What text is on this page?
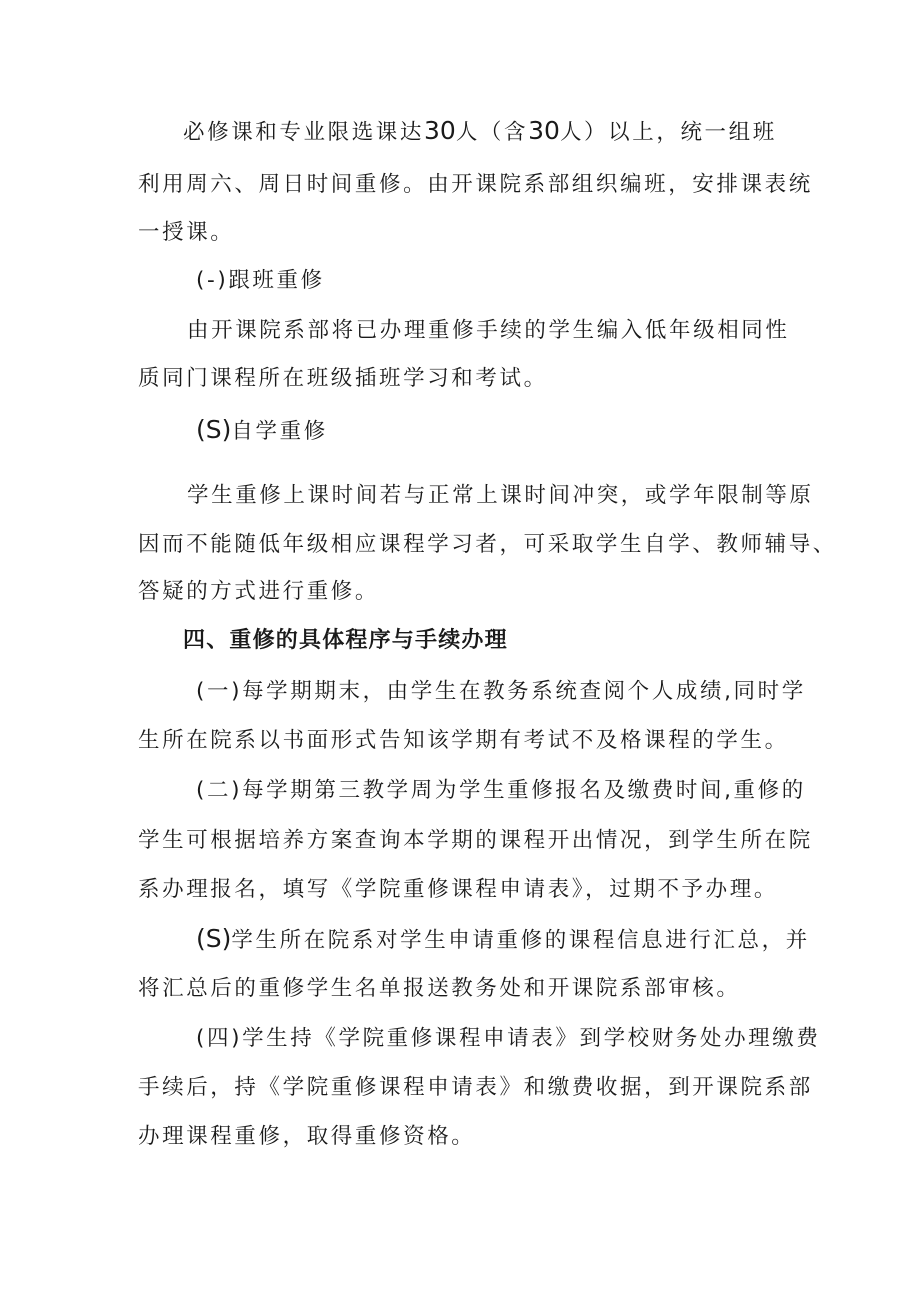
必修课和专业限选课达30人（含30人）以上，统一组班
利用周六、周日时间重修。由开课院系部组织编班，安排课表统
一授课。
(-)跟班重修
由开课院系部将已办理重修手续的学生编入低年级相同性
质同门课程所在班级插班学习和考试。
(S)自学重修
学生重修上课时间若与正常上课时间冲突，或学年限制等原
因而不能随低年级相应课程学习者，可采取学生自学、教师辅导、
答疑的方式进行重修。
四、重修的具体程序与手续办理
(一)每学期期末，由学生在教务系统查阅个人成绩,同时学
生所在院系以书面形式告知该学期有考试不及格课程的学生。
(二)每学期第三教学周为学生重修报名及缴费时间,重修的
学生可根据培养方案查询本学期的课程开出情况，到学生所在院
系办理报名，填写《学院重修课程申请表》，过期不予办理。
(S)学生所在院系对学生申请重修的课程信息进行汇总，并
将汇总后的重修学生名单报送教务处和开课院系部审核。
(四)学生持《学院重修课程申请表》到学校财务处办理缴费
手续后，持《学院重修课程申请表》和缴费收据，到开课院系部
办理课程重修，取得重修资格。
